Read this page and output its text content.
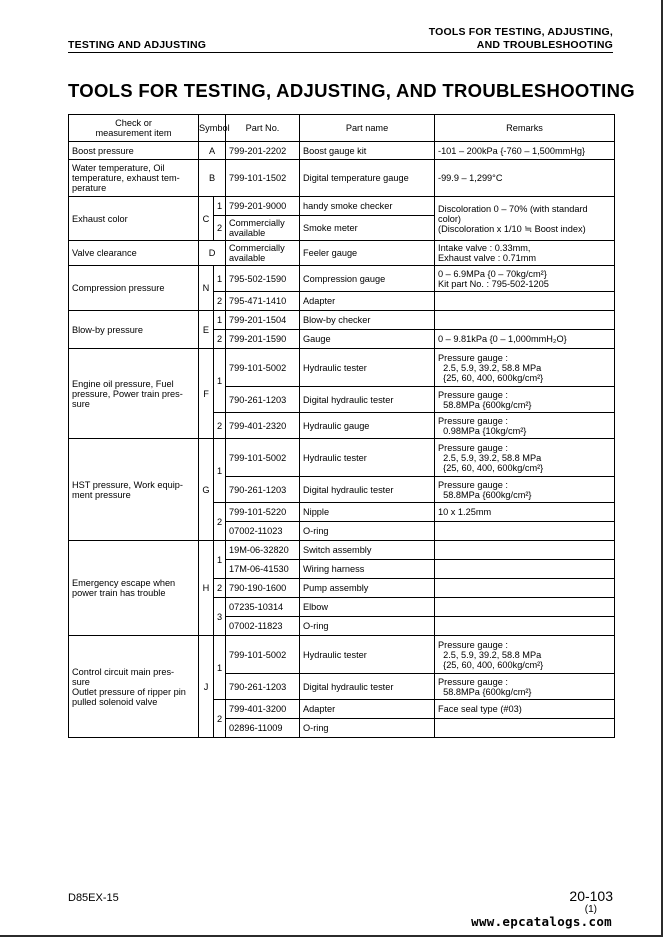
TESTING AND ADJUSTING
TOOLS FOR TESTING, ADJUSTING,
AND TROUBLESHOOTING
TOOLS FOR TESTING, ADJUSTING, AND TROUBLESHOOTING
Check or
measurement item	Symbol		Part No.	Part name	Remarks
Boost pressure	A		799-201-2202	Boost gauge kit	-101 – 200kPa {-760 – 1,500mmHg}
Water temperature, Oil temperature, exhaust tem-
perature	B		799-101-1502	Digital temperature gauge	-99.9 – 1,299°C
Exhaust color	C	1	799-201-9000	handy smoke checker	Discoloration 0 – 70% (with standard
color)
(Discoloration x 1/10 ≒ Boost index)
		2	Commercially
available	Smoke meter	
Valve clearance	D		Commercially
available	Feeler gauge	Intake valve : 0.33mm,
Exhaust valve : 0.71mm
Compression pressure	N	1	795-502-1590	Compression gauge	0 – 6.9MPa {0 – 70kg/cm²}
Kit part No. : 795-502-1205
		2	795-471-1410	Adapter	
Blow-by pressure	E	1	799-201-1504	Blow-by checker	
		2	799-201-1590	Gauge	0 – 9.81kPa {0 – 1,000mmH₂O}
Engine oil pressure, Fuel
pressure, Power train pres-
sure	F	1	799-101-5002	Hydraulic tester	Pressure gauge :
2.5, 5.9, 39.2, 58.8 MPa
{25, 60, 400, 600kg/cm²}
			790-261-1203	Digital hydraulic tester	Pressure gauge :
58.8MPa {600kg/cm²}
		2	799-401-2320	Hydraulic gauge	Pressure gauge :
0.98MPa {10kg/cm²}
HST pressure, Work equip-
ment pressure	G	1	799-101-5002	Hydraulic tester	Pressure gauge :
2.5, 5.9, 39.2, 58.8 MPa
{25, 60, 400, 600kg/cm²}
			790-261-1203	Digital hydraulic tester	Pressure gauge :
58.8MPa {600kg/cm²}
		2	799-101-5220	Nipple	10 x 1.25mm
			07002-11023	O-ring	
Emergency escape when
power train has trouble	H	1	19M-06-32820	Switch assembly	
			17M-06-41530	Wiring harness	
		2	790-190-1600	Pump assembly	
		3	07235-10314	Elbow	
			07002-11823	O-ring	
Control circuit main pres-
sure
Outlet pressure of ripper pin
pulled solenoid valve	J	1	799-101-5002	Hydraulic tester	Pressure gauge :
2.5, 5.9, 39.2, 58.8 MPa
{25, 60, 400, 600kg/cm²}
			790-261-1203	Digital hydraulic tester	Pressure gauge :
58.8MPa {600kg/cm²}
		2	799-401-3200	Adapter	Face seal type (#03)
			02896-11009	O-ring	
D85EX-15	20-103
(1)
www.epcatalogs.com
